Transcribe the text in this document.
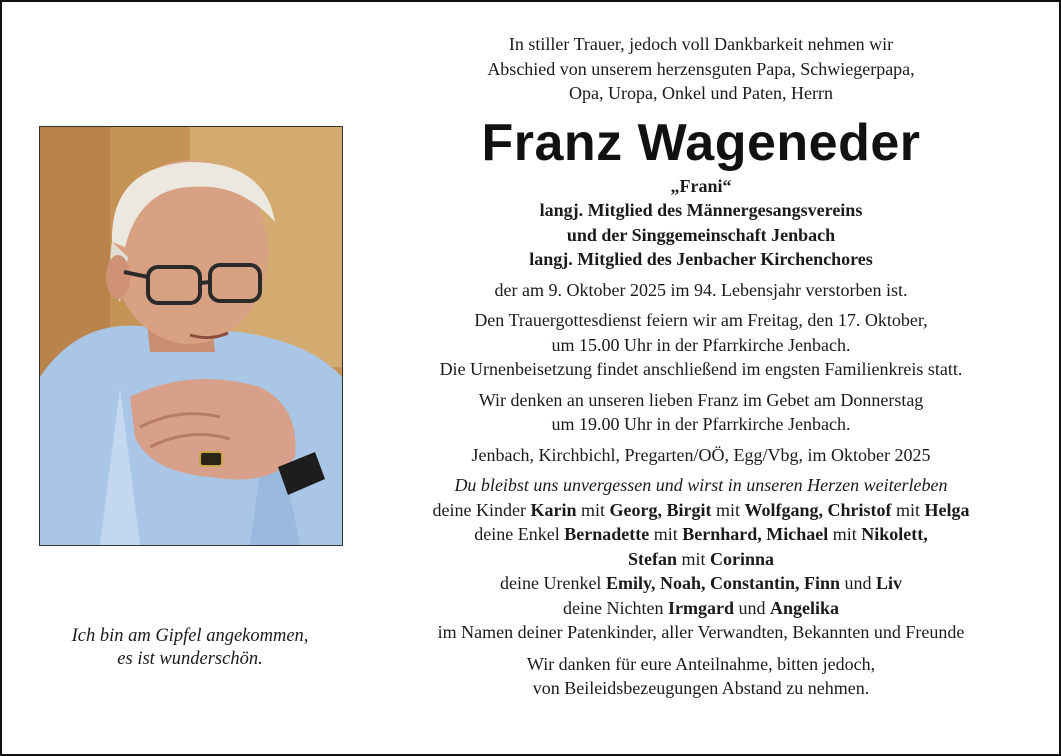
Ich bin am Gipfel angekommen,
es ist wunderschön.
In stiller Trauer, jedoch voll Dankbarkeit nehmen wir
Abschied von unserem herzensguten Papa, Schwiegerpapa,
Opa, Uropa, Onkel und Paten, Herrn
Franz Wageneder
„Frani“
langj. Mitglied des Männergesangsvereins
und der Singgemeinschaft Jenbach
langj. Mitglied des Jenbacher Kirchenchores
der am 9. Oktober 2025 im 94. Lebensjahr verstorben ist.
Den Trauergottesdienst feiern wir am Freitag, den 17. Oktober,
um 15.00 Uhr in der Pfarrkirche Jenbach.
Die Urnenbeisetzung findet anschließend im engsten Familienkreis statt.
Wir denken an unseren lieben Franz im Gebet am Donnerstag
um 19.00 Uhr in der Pfarrkirche Jenbach.
Jenbach, Kirchbichl, Pregarten/OÖ, Egg/Vbg, im Oktober 2025
Du bleibst uns unvergessen und wirst in unseren Herzen weiterleben
deine Kinder Karin mit Georg, Birgit mit Wolfgang, Christof mit Helga
deine Enkel Bernadette mit Bernhard, Michael mit Nikolett,
Stefan mit Corinna
deine Urenkel Emily, Noah, Constantin, Finn und Liv
deine Nichten Irmgard und Angelika
im Namen deiner Patenkinder, aller Verwandten, Bekannten und Freunde
Wir danken für eure Anteilnahme, bitten jedoch,
von Beileidsbezeugungen Abstand zu nehmen.
